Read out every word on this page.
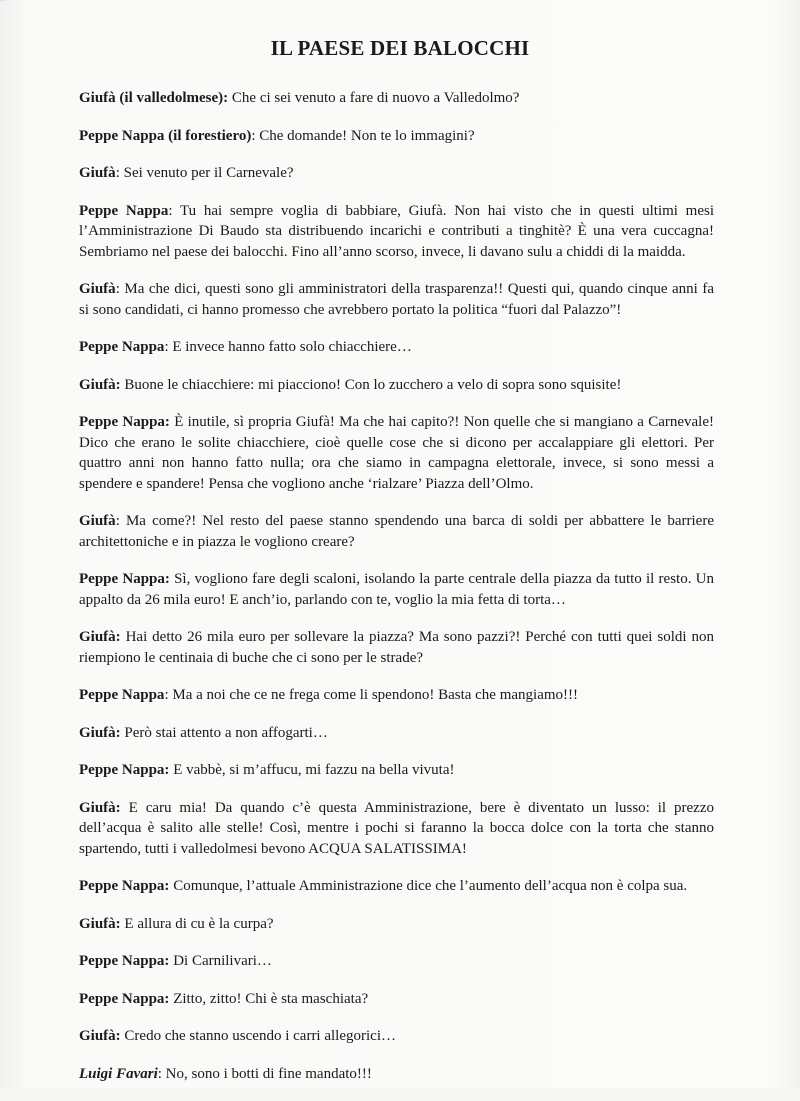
IL PAESE DEI BALOCCHI

Giufà (il valledolmese): Che ci sei venuto a fare di nuovo a Valledolmo?

Peppe Nappa (il forestiero): Che domande! Non te lo immagini?

Giufà: Sei venuto per il Carnevale?

Peppe Nappa: Tu hai sempre voglia di babbiare, Giufà. Non hai visto che in questi ultimi mesi l’Amministrazione Di Baudo sta distribuendo incarichi e contributi a tinghitè? È una vera cuccagna! Sembriamo nel paese dei balocchi. Fino all’anno scorso, invece, li davano sulu a chiddi di la maidda.

Giufà: Ma che dici, questi sono gli amministratori della trasparenza!! Questi qui, quando cinque anni fa si sono candidati, ci hanno promesso che avrebbero portato la politica “fuori dal Palazzo”!

Peppe Nappa: E invece hanno fatto solo chiacchiere…

Giufà: Buone le chiacchiere: mi piacciono! Con lo zucchero a velo di sopra sono squisite!

Peppe Nappa: È inutile, sì propria Giufà! Ma che hai capito?! Non quelle che si mangiano a Carnevale! Dico che erano le solite chiacchiere, cioè quelle cose che si dicono per accalappiare gli elettori. Per quattro anni non hanno fatto nulla; ora che siamo in campagna elettorale, invece, si sono messi a spendere e spandere! Pensa che vogliono anche ‘rialzare’ Piazza dell’Olmo.

Giufà: Ma come?! Nel resto del paese stanno spendendo una barca di soldi per abbattere le barriere architettoniche e in piazza le vogliono creare?

Peppe Nappa: Sì, vogliono fare degli scaloni, isolando la parte centrale della piazza da tutto il resto. Un appalto da 26 mila euro! E anch’io, parlando con te, voglio la mia fetta di torta…

Giufà: Hai detto 26 mila euro per sollevare la piazza? Ma sono pazzi?! Perché con tutti quei soldi non riempiono le centinaia di buche che ci sono per le strade?

Peppe Nappa: Ma a noi che ce ne frega come li spendono! Basta che mangiamo!!!

Giufà: Però stai attento a non affogarti…

Peppe Nappa: E vabbè, si m’affucu, mi fazzu na bella vivuta!

Giufà: E caru mia! Da quando c’è questa Amministrazione, bere è diventato un lusso: il prezzo dell’acqua è salito alle stelle! Così, mentre i pochi si faranno la bocca dolce con la torta che stanno spartendo, tutti i valledolmesi bevono ACQUA SALATISSIMA!

Peppe Nappa: Comunque, l’attuale Amministrazione dice che l’aumento dell’acqua non è colpa sua.

Giufà: E allura di cu è la curpa?

Peppe Nappa: Di Carnilivari…

Peppe Nappa: Zitto, zitto! Chi è sta maschiata?

Giufà: Credo che stanno uscendo i carri allegorici…

Luigi Favari: No, sono i botti di fine mandato!!!
